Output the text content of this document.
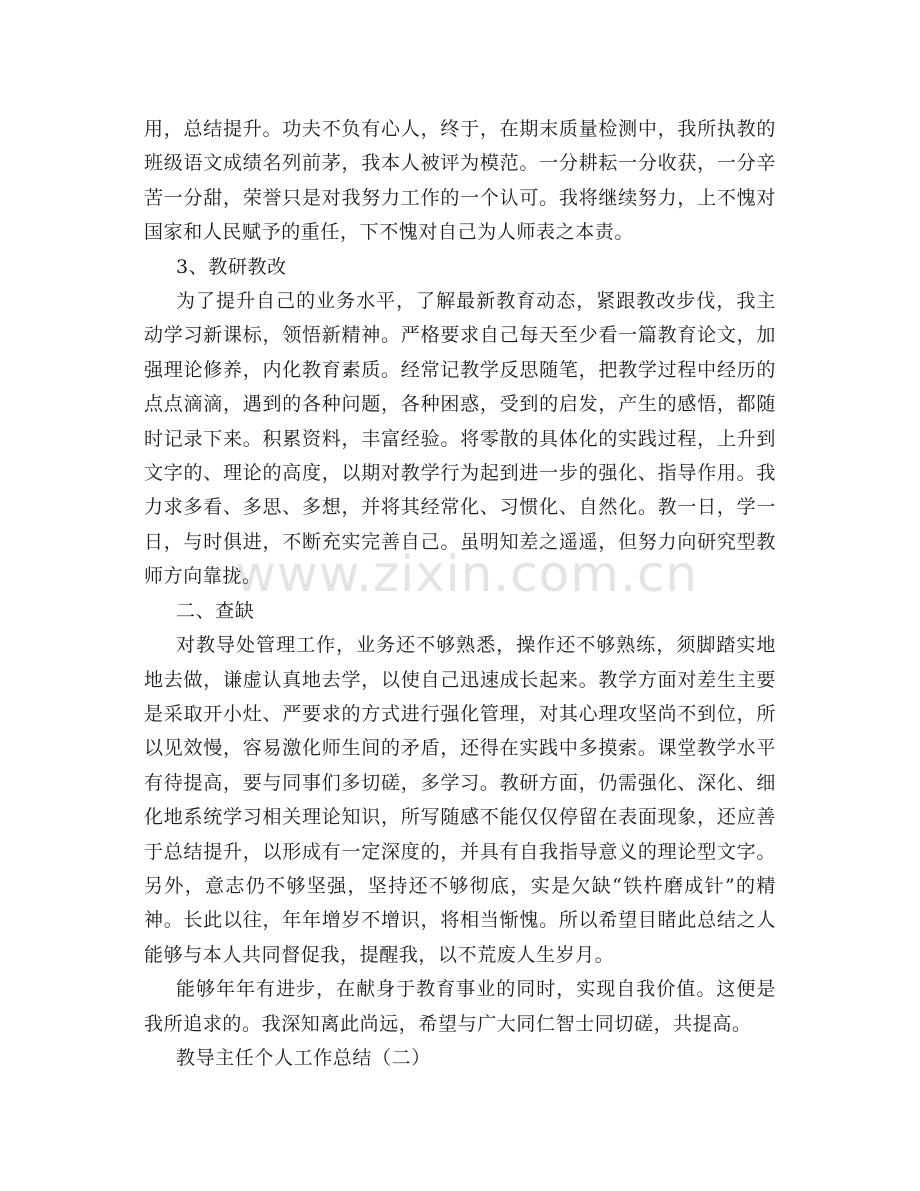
www.zixin.com.cn

用，总结提升。功夫不负有心人，终于，在期末质量检测中，我所执教的班级语文成绩名列前茅，我本人被评为模范。一分耕耘一分收获，一分辛苦一分甜，荣誉只是对我努力工作的一个认可。我将继续努力，上不愧对国家和人民赋予的重任，下不愧对自己为人师表之本责。

3、教研教改

为了提升自己的业务水平，了解最新教育动态，紧跟教改步伐，我主动学习新课标，领悟新精神。严格要求自己每天至少看一篇教育论文，加强理论修养，内化教育素质。经常记教学反思随笔，把教学过程中经历的点点滴滴，遇到的各种问题，各种困惑，受到的启发，产生的感悟，都随时记录下来。积累资料，丰富经验。将零散的具体化的实践过程，上升到文字的、理论的高度，以期对教学行为起到进一步的强化、指导作用。我力求多看、多思、多想，并将其经常化、习惯化、自然化。教一日，学一日，与时俱进，不断充实完善自己。虽明知差之遥遥，但努力向研究型教师方向靠拢。

二、查缺

对教导处管理工作，业务还不够熟悉，操作还不够熟练，须脚踏实地地去做，谦虚认真地去学，以使自己迅速成长起来。教学方面对差生主要是采取开小灶、严要求的方式进行强化管理，对其心理攻坚尚不到位，所以见效慢，容易激化师生间的矛盾，还得在实践中多摸索。课堂教学水平有待提高，要与同事们多切磋，多学习。教研方面，仍需强化、深化、细化地系统学习相关理论知识，所写随感不能仅仅停留在表面现象，还应善于总结提升，以形成有一定深度的，并具有自我指导意义的理论型文字。另外，意志仍不够坚强，坚持还不够彻底，实是欠缺“铁杵磨成针”的精神。长此以往，年年增岁不增识，将相当惭愧。所以希望目睹此总结之人能够与本人共同督促我，提醒我，以不荒废人生岁月。

能够年年有进步，在献身于教育事业的同时，实现自我价值。这便是我所追求的。我深知离此尚远，希望与广大同仁智士同切磋，共提高。

教导主任个人工作总结（二）
